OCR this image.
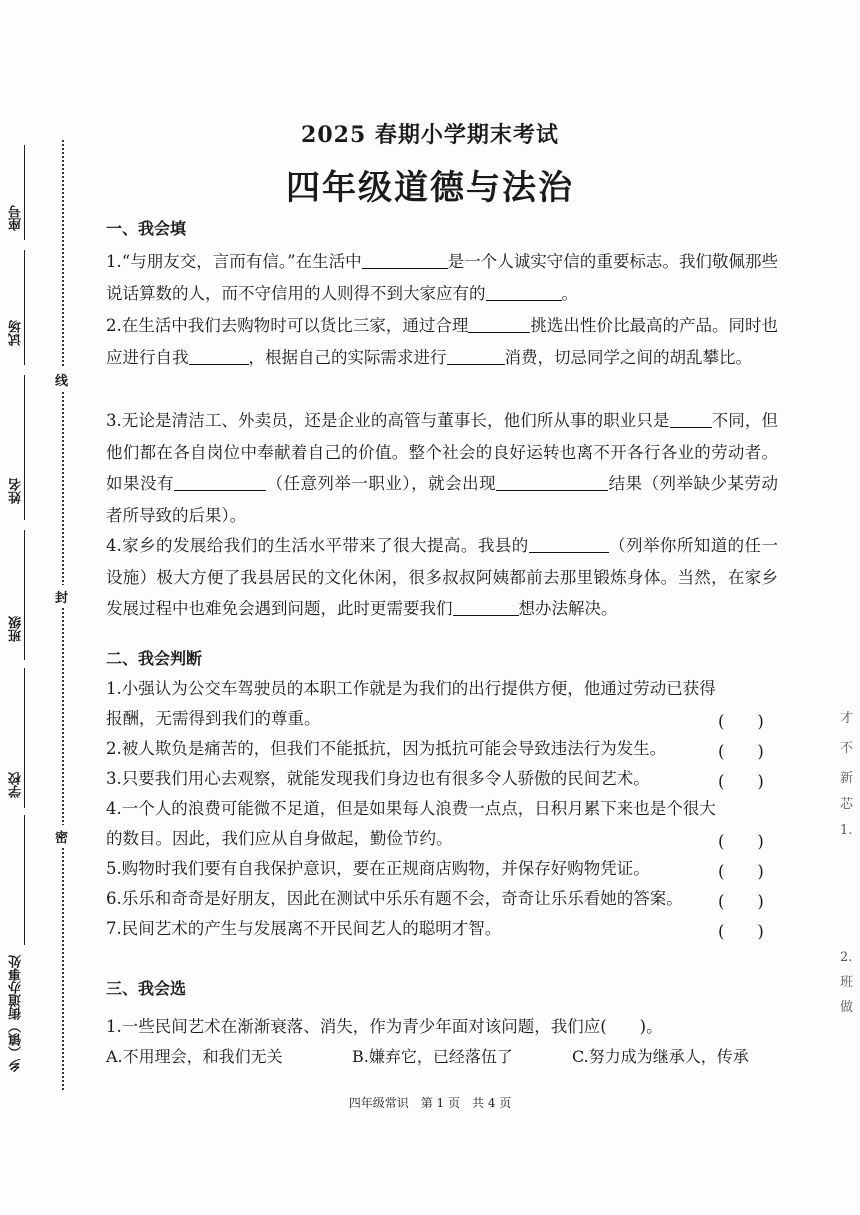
座号
试场
姓名
班级
学校
乡（镇）街道办事处
线
封
密
2025 春期小学期末考试
四年级道德与法治
一、我会填
1.“与朋友交，言而有信。”在生活中	是一个人诚实守信的重要标志。我们敬佩那些说话算数的人，而不守信用的人则得不到大家应有的	。
2.在生活中我们去购物时可以货比三家，通过合理	挑选出性价比最高的产品。同时也应进行自我	，根据自己的实际需求进行	消费，切忌同学之间的胡乱攀比。
3.无论是清洁工、外卖员，还是企业的高管与董事长，他们所从事的职业只是	不同，但他们都在各自岗位中奉献着自己的价值。整个社会的良好运转也离不开各行各业的劳动者。如果没有	（任意列举一职业），就会出现	结果（列举缺少某劳动者所导致的后果）。
4.家乡的发展给我们的生活水平带来了很大提高。我县的	（列举你所知道的任一设施）极大方便了我县居民的文化休闲，很多叔叔阿姨都前去那里锻炼身体。当然，在家乡发展过程中也难免会遇到问题，此时更需要我们	想办法解决。
二、我会判断
1.小强认为公交车驾驶员的本职工作就是为我们的出行提供方便，他通过劳动已获得
报酬，无需得到我们的尊重。	(　　)
2.被人欺负是痛苦的，但我们不能抵抗，因为抵抗可能会导致违法行为发生。	(　　)
3.只要我们用心去观察，就能发现我们身边也有很多令人骄傲的民间艺术。	(　　)
4.一个人的浪费可能微不足道，但是如果每人浪费一点点，日积月累下来也是个很大
的数目。因此，我们应从自身做起，勤俭节约。	(　　)
5.购物时我们要有自我保护意识，要在正规商店购物，并保存好购物凭证。	(　　)
6.乐乐和奇奇是好朋友，因此在测试中乐乐有题不会，奇奇让乐乐看她的答案。	(　　)
7.民间艺术的产生与发展离不开民间艺人的聪明才智。	(　　)
三、我会选
1.一些民间艺术在渐渐衰落、消失，作为青少年面对该问题，我们应(　　)。
A.不用理会，和我们无关	B.嫌弃它，已经落伍了	C.努力成为继承人，传承
四年级常识　第 1 页　共 4 页
才
不
新
芯
1.
2.
班
做
